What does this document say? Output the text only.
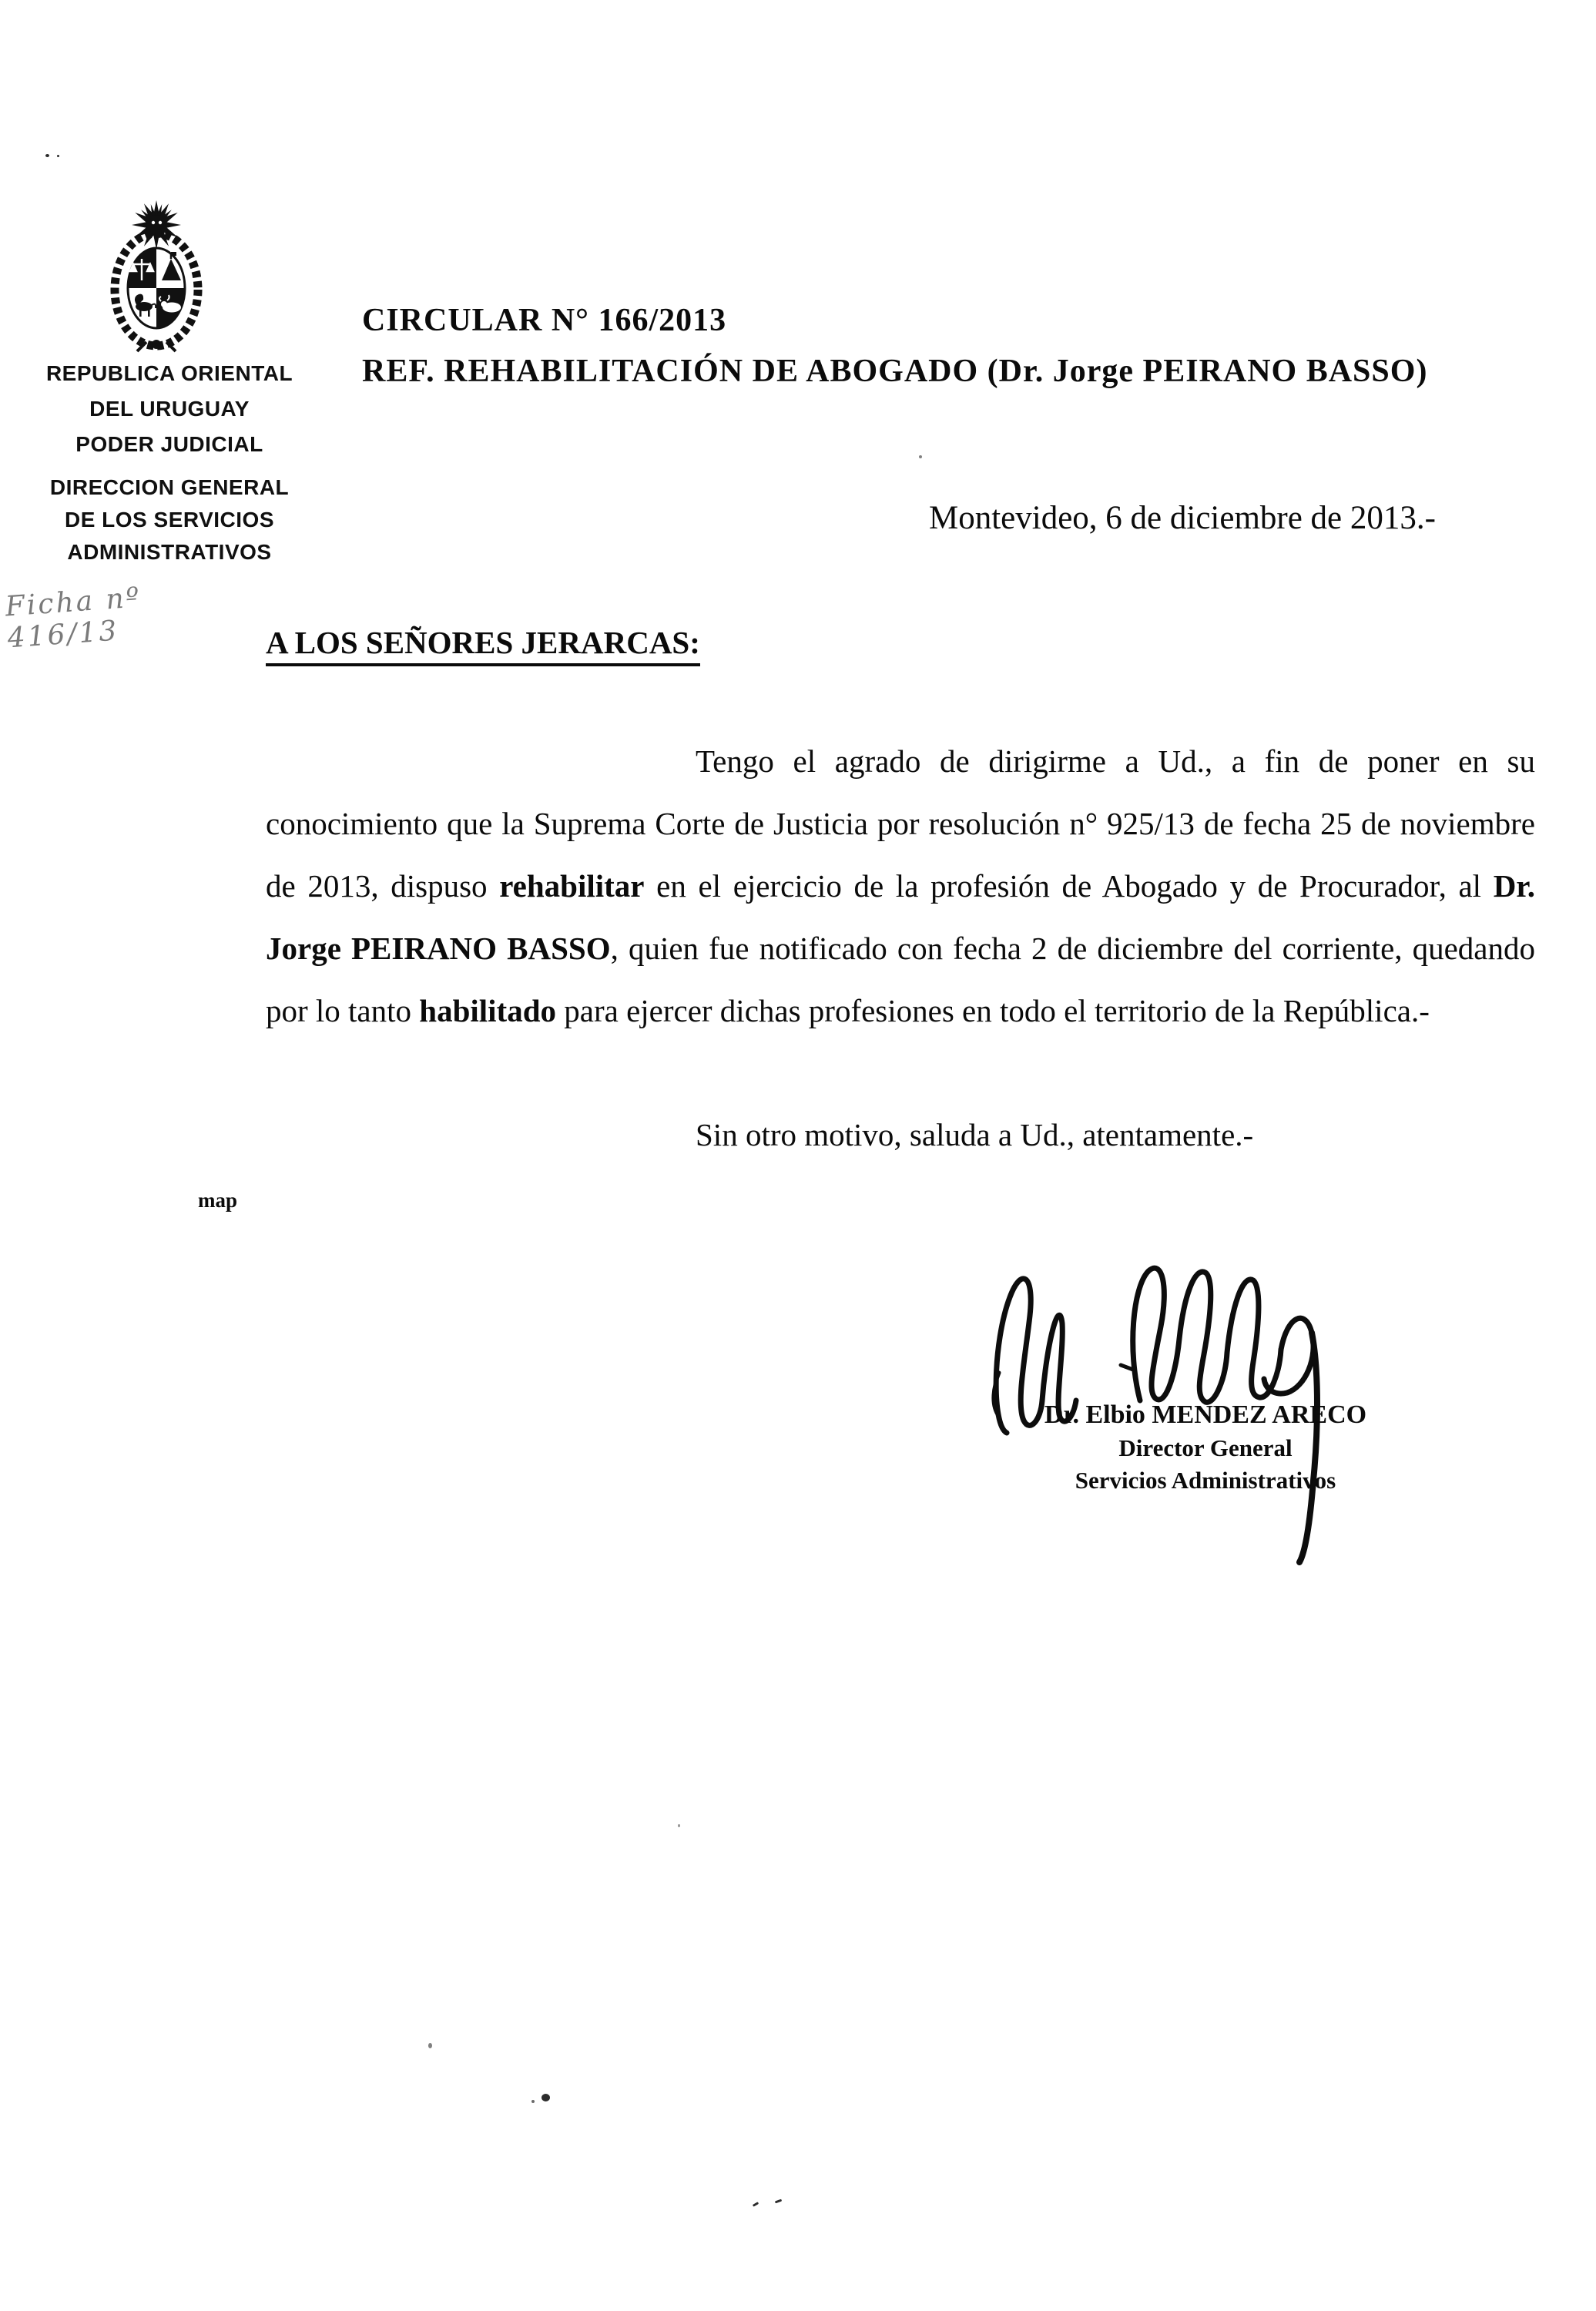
REPUBLICA ORIENTAL
DEL URUGUAY
PODER JUDICIAL
DIRECCION GENERAL
DE LOS SERVICIOS
ADMINISTRATIVOS
Ficha nº 416/13
CIRCULAR N° 166/2013
REF. REHABILITACIÓN DE ABOGADO (Dr. Jorge PEIRANO BASSO)
Montevideo, 6 de diciembre de 2013.-
A LOS SEÑORES JERARCAS:

Tengo el agrado de dirigirme a Ud., a fin de poner en su conocimiento que la Suprema Corte de Justicia por resolución n° 925/13 de fecha 25 de noviembre de 2013, dispuso rehabilitar en el ejercicio de la profesión de Abogado y de Procurador, al Dr. Jorge PEIRANO BASSO, quien fue notificado con fecha 2 de diciembre del corriente, quedando por lo tanto habilitado para ejercer dichas profesiones en todo el territorio de la República.-

Sin otro motivo, saluda a Ud., atentamente.-
map
Dr. Elbio MENDEZ ARECO
Director General
Servicios Administrativos
